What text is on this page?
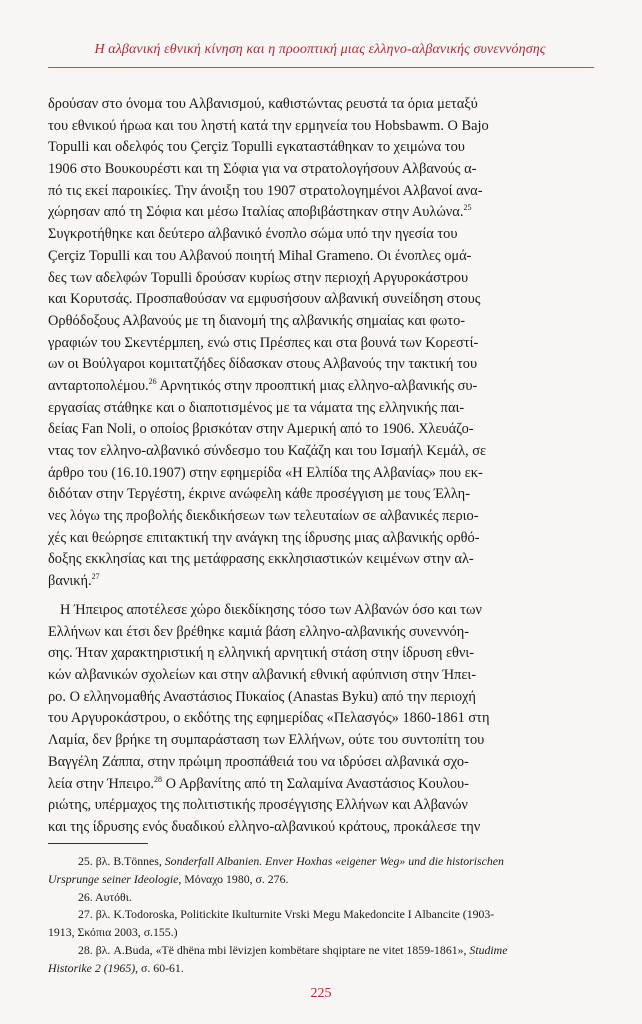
Η αλβανική εθνική κίνηση και η προοπτική μιας ελληνο-αλβανικής συνεννόησης
δρούσαν στο όνομα του Αλβανισμού, καθιστώντας ρευστά τα όρια μεταξύ
του εθνικού ήρωα και του ληστή κατά την ερμηνεία του Hobsbawm. O Bajo
Topulli και οδελφός του Çerçiz Topulli εγκαταστάθηκαν το χειμώνα του
1906 στο Βουκουρέστι και τη Σόφια για να στρατολογήσουν Αλβανούς α-
πό τις εκεί παροικίες. Την άνοιξη του 1907 στρατολογημένοι Αλβανοί ανα-
χώρησαν από τη Σόφια και μέσω Ιταλίας αποβιβάστηκαν στην Αυλώνα.$^{25}$
Συγκροτήθηκε και δεύτερο αλβανικό ένοπλο σώμα υπό την ηγεσία του
Çerçiz Topulli και του Αλβανού ποιητή Mihal Grameno. Οι ένοπλες ομά-
δες των αδελφών Topulli δρούσαν κυρίως στην περιοχή Αργυροκάστρου
και Κορυτσάς. Προσπαθούσαν να εμφυσήσουν αλβανική συνείδηση στους
Ορθόδοξους Αλβανούς με τη διανομή της αλβανικής σημαίας και φωτο-
γραφιών του Σκεντέρμπεη, ενώ στις Πρέσπες και στα βουνά των Κορεστί-
ων οι Βούλγαροι κομιτατζήδες δίδασκαν στους Αλβανούς την τακτική του
ανταρτοπολέμου.$^{26}$ Αρνητικός στην προοπτική μιας ελληνο-αλβανικής συ-
εργασίας στάθηκε και ο διαποτισμένος με τα νάματα της ελληνικής παι-
δείας Fan Noli, ο οποίος βρισκόταν στην Αμερική από το 1906. Χλευάζο-
ντας τον ελληνο-αλβανικό σύνδεσμο του Καζάζη και του Ισμαήλ Κεμάλ, σε
άρθρο του (16.10.1907) στην εφημερίδα «Η Ελπίδα της Αλβανίας» που εκ-
διδόταν στην Τεργέστη, έκρινε ανώφελη κάθε προσέγγιση με τους Έλλη-
νες λόγω της προβολής διεκδικήσεων των τελευταίων σε αλβανικές περιο-
χές και θεώρησε επιτακτική την ανάγκη της ίδρυσης μιας αλβανικής ορθό-
δοξης εκκλησίας και της μετάφρασης εκκλησιαστικών κειμένων στην αλ-
βανική.$^{27}$
Η Ήπειρος αποτέλεσε χώρο διεκδίκησης τόσο των Αλβανών όσο και των
Ελλήνων και έτσι δεν βρέθηκε καμιά βάση ελληνο-αλβανικής συνεννόη-
σης. Ήταν χαρακτηριστική η ελληνική αρνητική στάση στην ίδρυση εθνι-
κών αλβανικών σχολείων και στην αλβανική εθνική αφύπνιση στην Ήπει-
ρο. Ο ελληνομαθής Αναστάσιος Πυκαίος (Anastas Byku) από την περιοχή
του Αργυροκάστρου, ο εκδότης της εφημερίδας «Πελασγός» 1860-1861 στη
Λαμία, δεν βρήκε τη συμπαράσταση των Ελλήνων, ούτε του συντοπίτη του
Βαγγέλη Ζάππα, στην πρώιμη προσπάθειά του να ιδρύσει αλβανικά σχο-
λεία στην Ήπειρο.$^{28}$ Ο Αρβανίτης από τη Σαλαμίνα Αναστάσιος Κουλου-
ριώτης, υπέρμαχος της πολιτιστικής προσέγγισης Ελλήνων και Αλβανών
και της ίδρυσης ενός δυαδικού ελληνο-αλβανικού κράτους, προκάλεσε την
25. βλ. B.Tönnes, Sonderfall Albanien. Enver Hoxhas «eigener Weg» und die historischen
Ursprunge seiner Ideologie, Μόναχο 1980, σ. 276.
26. Αυτόθι.
27. βλ. K.Todoroska, Politickite Ikulturnite Vrski Megu Makedoncite I Albancite (1903-
1913, Σκόπια 2003, σ.155.)
28. βλ. A.Buda, «Të dhëna mbi lëvizjen kombëtare shqiptare ne vitet 1859-1861», Studime
Historike 2 (1965), σ. 60-61.
225
